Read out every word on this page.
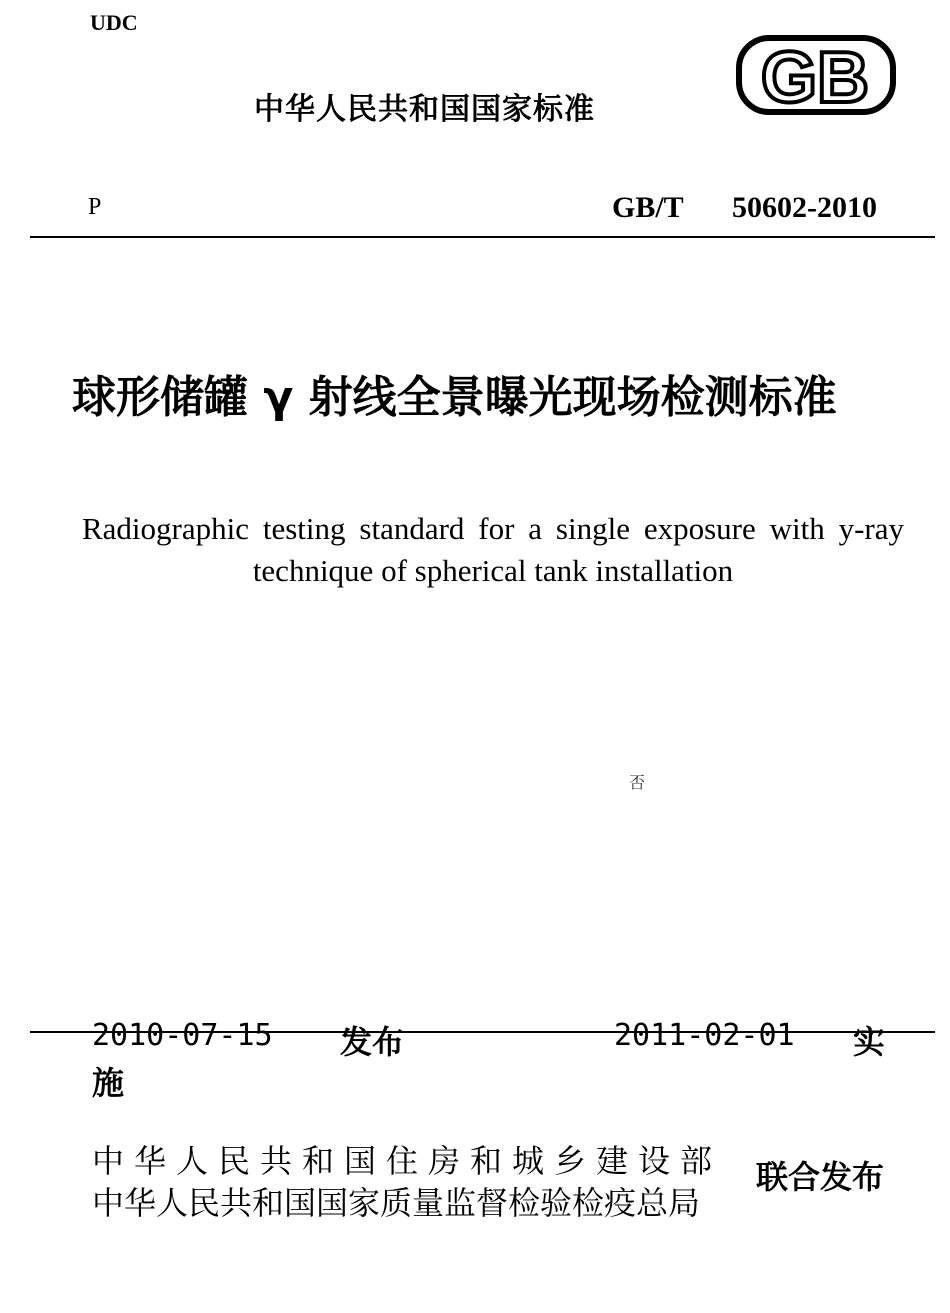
UDC
中华人民共和国国家标准 GB
P	GB/T 50602-2010
球形储罐 γ 射线全景曝光现场检测标准
Radiographic testing standard for a single exposure with y-ray technique of spherical tank installation
否
2010-07-15 发布	2011-02-01 实
施
中华人民共和国住房和城乡建设部
中华人民共和国国家质量监督检验检疫总局
联合发布
